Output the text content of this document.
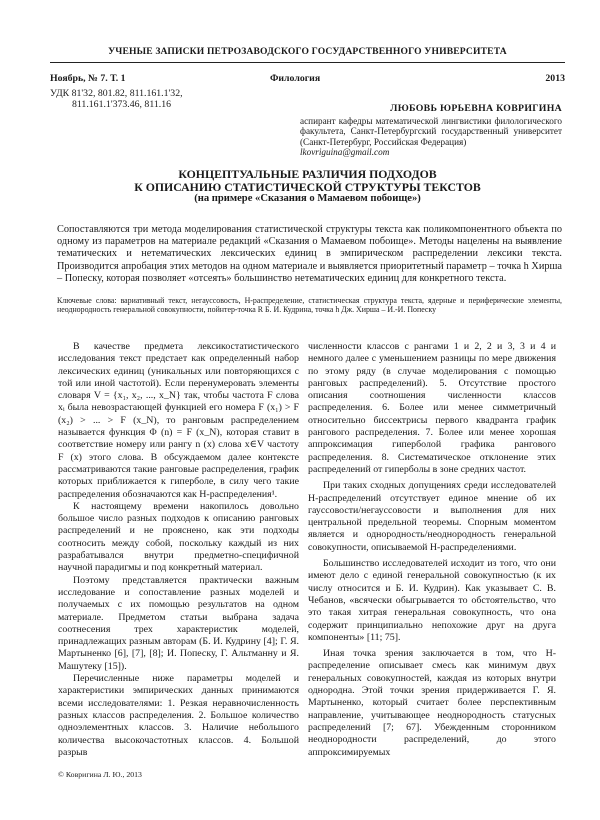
УЧЕНЫЕ ЗАПИСКИ ПЕТРОЗАВОДСКОГО ГОСУДАРСТВЕННОГО УНИВЕРСИТЕТА
Ноябрь, № 7. Т. 1	Филология	2013
УДК 81'32, 801.82, 811.161.1'32,
811.161.1'373.46, 811.16	ЛЮБОВЬ ЮРЬЕВНА КОВРИГИНА
аспирант кафедры математической лингвистики филологического факультета, Санкт-Петербургский государственный университет (Санкт-Петербург, Российская Федерация)
lkovriguina@gmail.com
КОНЦЕПТУАЛЬНЫЕ РАЗЛИЧИЯ ПОДХОДОВ
К ОПИСАНИЮ СТАТИСТИЧЕСКОЙ СТРУКТУРЫ ТЕКСТОВ
(на примере «Сказания о Мамаевом побоище»)
Сопоставляются три метода моделирования статистической структуры текста как поликомпонентного объекта по одному из параметров на материале редакций «Сказания о Мамаевом побоище». Методы нацелены на выявление тематических и нетематических лексических единиц в эмпирическом распределении лексики текста. Производится апробация этих методов на одном материале и выявляется приоритетный параметр – точка h Хирша – Попеску, которая позволяет «отсеять» большинство нетематических единиц для конкретного текста.
Ключевые слова: вариативный текст, негауссовость, H-распределение, статистическая структура текста, ядерные и периферические элементы, неоднородность генеральной совокупности, пойнтер-точка R Б. И. Кудрина, точка h Дж. Хирша – И.-И. Попеску

В качестве предмета лексикостатистического исследования текст предстает как определенный набор лексических единиц (уникальных или повторяющихся с той или иной частотой). Если перенумеровать элементы словаря V = {x₁, x₂, ..., x_N} так, чтобы частота F слова xᵢ была невозрастающей функцией его номера F (x₁) > F (x₂) > ... > F (x_N), то ранговым распределением называется функция Φ (n) = F (x_N), которая ставит в соответствие номеру или рангу n (x) слова x∈V частоту F (x) этого слова. В обсуждаемом далее контексте рассматриваются такие ранговые распределения, график которых приближается к гиперболе, в силу чего такие распределения обозначаются как H-распределения¹.

К настоящему времени накопилось довольно большое число разных подходов к описанию ранговых распределений и не прояснено, как эти подходы соотносить между собой, поскольку каждый из них разрабатывался внутри предметно-специфичной научной парадигмы и под конкретный материал.

Поэтому представляется практически важным исследование и сопоставление разных моделей и получаемых с их помощью результатов на одном материале. Предметом статьи выбрана задача соотнесения трех характеристик моделей, принадлежащих разным авторам (Б. И. Кудрину [4]; Г. Я. Мартыненко [6], [7], [8]; И. Попеску, Г. Альтманну и Я. Машутеку [15]).

Перечисленные ниже параметры моделей и характеристики эмпирических данных принимаются всеми исследователями: 1. Резкая неравночисленность разных классов распределения. 2. Большое количество одноэлементных классов. 3. Наличие небольшого количества высокочастотных классов. 4. Большой разрыв

численности классов с рангами 1 и 2, 2 и 3, 3 и 4 и немного далее с уменьшением разницы по мере движения по этому ряду (в случае моделирования с помощью ранговых распределений). 5. Отсутствие простого описания соотношения численности классов распределения. 6. Более или менее симметричный относительно биссектрисы первого квадранта график рангового распределения. 7. Более или менее хорошая аппроксимация гиперболой графика рангового распределения. 8. Систематическое отклонение этих распределений от гиперболы в зоне средних частот.

При таких сходных допущениях среди исследователей H-распределений отсутствует единое мнение об их гауссовости/негауссовости и выполнения для них центральной предельной теоремы. Спорным моментом является и однородность/неоднородность генеральной совокупности, описываемой H-распределениями.

Большинство исследователей исходит из того, что они имеют дело с единой генеральной совокупностью (к их числу относится и Б. И. Кудрин). Как указывает С. В. Чебанов, «всячески обыгрывается то обстоятельство, что это такая хитрая генеральная совокупность, что она содержит принципиально непохожие друг на друга компоненты» [11; 75].

Иная точка зрения заключается в том, что H-распределение описывает смесь как минимум двух генеральных совокупностей, каждая из которых внутри однородна. Этой точки зрения придерживается Г. Я. Мартыненко, который считает более перспективным направление, учитывающее неоднородность статусных распределений [7; 67]. Убежденным сторонником неоднородности распределений, до этого аппроксимируемых

© Ковригина Л. Ю., 2013
